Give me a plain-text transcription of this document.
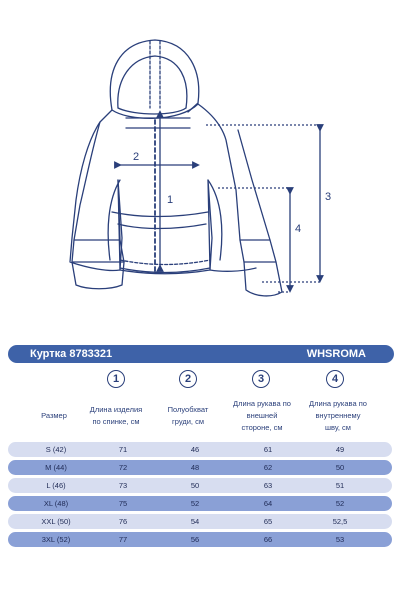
1
2
3
4
Куртка 8783321	WHSROMA
1	2	3	4
Размер
Длина изделия
по спинке, см
Полуобхват
груди, см
Длина рукава по
внешней
стороне, см
Длина рукава по
внутреннему
шву, см
S (42)	71	46	61	49
M (44)	72	48	62	50
L (46)	73	50	63	51
XL (48)	75	52	64	52
XXL (50)	76	54	65	52,5
3XL (52)	77	56	66	53
